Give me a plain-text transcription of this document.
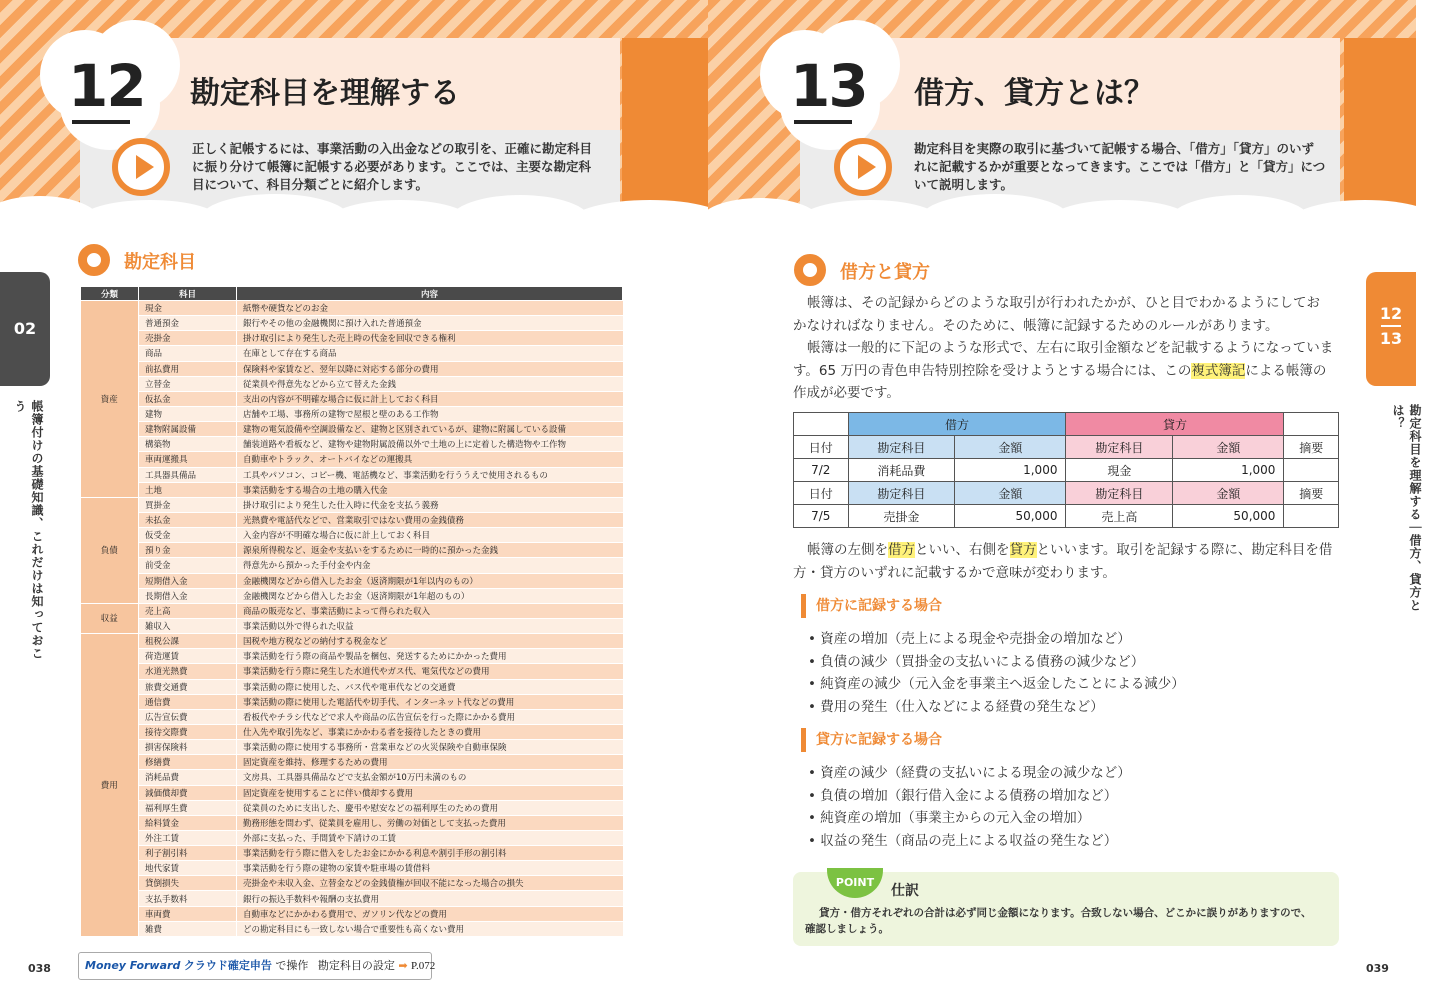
12 勘定科目を理解する
正しく記帳するには、事業活動の入出金などの取引を、正確に勘定科目
に振り分けて帳簿に記帳する必要があります。ここでは、主要な勘定科
目について、科目分類ごとに紹介します。
13 借方、貸方とは？
勘定科目を実際の取引に基づいて記帳する場合、「借方」「貸方」のいず
れに記載するかが重要となってきます。ここでは「借方」と「貸方」につ
いて説明します。
02
帳簿付けの基礎知識、これだけは知っておこう
勘定科目
分類	科目	内容
資産	現金	紙幣や硬貨などのお金
	普通預金	銀行やその他の金融機関に預け入れた普通預金
	売掛金	掛け取引により発生した売上時の代金を回収できる権利
	商品	在庫として存在する商品
	前払費用	保険料や家賃など、翌年以降に対応する部分の費用
	立替金	従業員や得意先などから立て替えた金銭
	仮払金	支出の内容が不明確な場合に仮に計上しておく科目
	建物	店舗や工場、事務所の建物で屋根と壁のある工作物
	建物附属設備	建物の電気設備や空調設備など、建物と区別されているが、建物に附属している設備
	構築物	舗装道路や看板など、建物や建物附属設備以外で土地の上に定着した構造物や工作物
	車両運搬具	自動車やトラック、オートバイなどの運搬具
	工具器具備品	工具やパソコン、コピー機、電話機など、事業活動を行ううえで使用されるもの
	土地	事業活動をする場合の土地の購入代金
負債	買掛金	掛け取引により発生した仕入時に代金を支払う義務
	未払金	光熱費や電話代などで、営業取引ではない費用の金銭債務
	仮受金	入金内容が不明確な場合に仮に計上しておく科目
	預り金	源泉所得税など、返金や支払いをするために一時的に預かった金銭
	前受金	得意先から預かった手付金や内金
	短期借入金	金融機関などから借入したお金（返済期限が1年以内のもの）
	長期借入金	金融機関などから借入したお金（返済期限が1年超のもの）
収益	売上高	商品の販売など、事業活動によって得られた収入
	雑収入	事業活動以外で得られた収益
費用	租税公課	国税や地方税などの納付する税金など
	荷造運賃	事業活動を行う際の商品や製品を梱包、発送するためにかかった費用
	水道光熱費	事業活動を行う際に発生した水道代やガス代、電気代などの費用
	旅費交通費	事業活動の際に使用した、バス代や電車代などの交通費
	通信費	事業活動の際に使用した電話代や切手代、インターネット代などの費用
	広告宣伝費	看板代やチラシ代などで求人や商品の広告宣伝を行った際にかかる費用
	接待交際費	仕入先や取引先など、事業にかかわる者を接待したときの費用
	損害保険料	事業活動の際に使用する事務所・営業車などの火災保険や自動車保険
	修繕費	固定資産を維持、修理するための費用
	消耗品費	文房具、工具器具備品などで支払金額が10万円未満のもの
	減価償却費	固定資産を使用することに伴い償却する費用
	福利厚生費	従業員のために支出した、慶弔や慰安などの福利厚生のための費用
	給料賃金	勤務形態を問わず、従業員を雇用し、労働の対価として支払った費用
	外注工賃	外部に支払った、手間賃や下請けの工賃
	利子割引料	事業活動を行う際に借入をしたお金にかかる利息や割引手形の割引料
	地代家賃	事業活動を行う際の建物の家賃や駐車場の賃借料
	貸倒損失	売掛金や未収入金、立替金などの金銭債権が回収不能になった場合の損失
	支払手数料	銀行の振込手数料や報酬の支払費用
	車両費	自動車などにかかわる費用で、ガソリン代などの費用
	雑費	どの勘定科目にも一致しない場合で重要性も高くない費用
038	Money Forward クラウド確定申告 で操作 勘定科目の設定 ➡ P.072
12
13
勘定科目を理解する｜借方、貸方とは？
借方と貸方
帳簿は、その記録からどのような取引が行われたかが、ひと目でわかるようにしてお
かなければなりません。そのために、帳簿に記録するためのルールがあります。
帳簿は一般的に下記のような形式で、左右に取引金額などを記載するようになっていま
す。65 万円の青色申告特別控除を受けようとする場合には、この複式簿記による帳簿の
作成が必要です。
	借方		貸方		
日付	勘定科目	金額	勘定科目	金額	摘要
7/2	消耗品費	1,000	現金	1,000	
日付	勘定科目	金額	勘定科目	金額	摘要
7/5	売掛金	50,000	売上高	50,000	
帳簿の左側を借方といい、右側を貸方といいます。取引を記録する際に、勘定科目を借
方・貸方のいずれに記載するかで意味が変わります。
借方に記録する場合
• 資産の増加（売上による現金や売掛金の増加など）
• 負債の減少（買掛金の支払いによる債務の減少など）
• 純資産の減少（元入金を事業主へ返金したことによる減少）
• 費用の発生（仕入などによる経費の発生など）
貸方に記録する場合
• 資産の減少（経費の支払いによる現金の減少など）
• 負債の増加（銀行借入金による債務の増加など）
• 純資産の増加（事業主からの元入金の増加）
• 収益の発生（商品の売上による収益の発生など）
POINT
仕訳
貸方・借方それぞれの合計は必ず同じ金額になります。合致しない場合、どこかに誤りがありますので、
確認しましょう。
039
